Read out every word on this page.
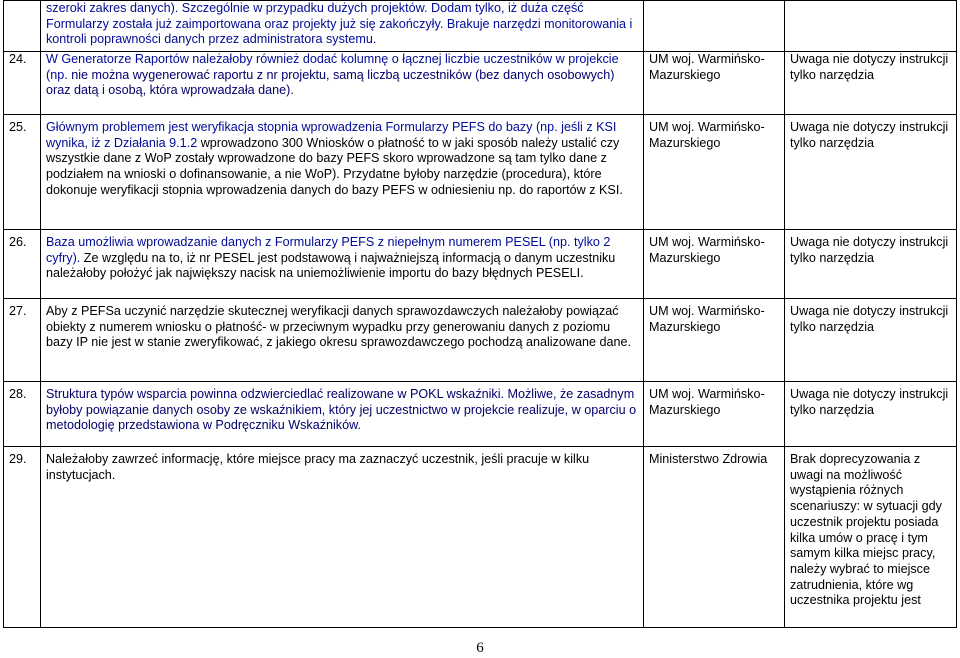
	szeroki zakres danych). Szczególnie w przypadku dużych projektów. Dodam tylko, iż duża część Formularzy została już zaimportowana oraz projekty już się zakończyły. Brakuje narzędzi monitorowania i kontroli poprawności danych przez administratora systemu.		
24.	W Generatorze Raportów należałoby również dodać kolumnę o łącznej liczbie uczestników w projekcie (np. nie można wygenerować raportu z nr projektu, samą liczbą uczestników (bez danych osobowych) oraz datą i osobą, która wprowadzała dane).	UM woj. Warmińsko-Mazurskiego	Uwaga nie dotyczy instrukcji tylko narzędzia
25.	Głównym problemem jest weryfikacja stopnia wprowadzenia Formularzy PEFS do bazy (np. jeśli z KSI wynika, iż z Działania 9.1.2 wprowadzono 300 Wniosków o płatność to w jaki sposób należy ustalić czy wszystkie dane z WoP zostały wprowadzone do bazy PEFS skoro wprowadzone są tam tylko dane z podziałem na wnioski o dofinansowanie, a nie WoP). Przydatne byłoby narzędzie (procedura), które dokonuje weryfikacji stopnia wprowadzenia danych do bazy PEFS w odniesieniu np. do raportów z KSI.	UM woj. Warmińsko-Mazurskiego	Uwaga nie dotyczy instrukcji tylko narzędzia
26.	Baza umożliwia wprowadzanie danych z Formularzy PEFS z niepełnym numerem PESEL (np. tylko 2 cyfry). Ze względu na to, iż nr PESEL jest podstawową i najważniejszą informacją o danym uczestniku należałoby położyć jak największy nacisk na uniemożliwienie importu do bazy błędnych PESELI.	UM woj. Warmińsko-Mazurskiego	Uwaga nie dotyczy instrukcji tylko narzędzia
27.	Aby z PEFSa uczynić narzędzie skutecznej weryfikacji danych sprawozdawczych należałoby powiązać obiekty z numerem wniosku o płatność- w przeciwnym wypadku przy generowaniu danych z poziomu bazy IP nie jest w stanie zweryfikować, z jakiego okresu sprawozdawczego pochodzą analizowane dane.	UM woj. Warmińsko-Mazurskiego	Uwaga nie dotyczy instrukcji tylko narzędzia
28.	Struktura typów wsparcia powinna odzwierciedlać realizowane w POKL wskaźniki. Możliwe, że zasadnym byłoby powiązanie danych osoby ze wskaźnikiem, który jej uczestnictwo w projekcie realizuje, w oparciu o metodologię przedstawiona w Podręczniku Wskaźników.	UM woj. Warmińsko-Mazurskiego	Uwaga nie dotyczy instrukcji tylko narzędzia
29.	Należałoby zawrzeć informację, które miejsce pracy ma zaznaczyć uczestnik, jeśli pracuje w kilku instytucjach.	Ministerstwo Zdrowia	Brak doprecyzowania z uwagi na możliwość wystąpienia różnych scenariuszy: w sytuacji gdy uczestnik projektu posiada kilka umów o pracę i tym samym kilka miejsc pracy, należy wybrać to miejsce zatrudnienia, które wg uczestnika projektu jest
6
